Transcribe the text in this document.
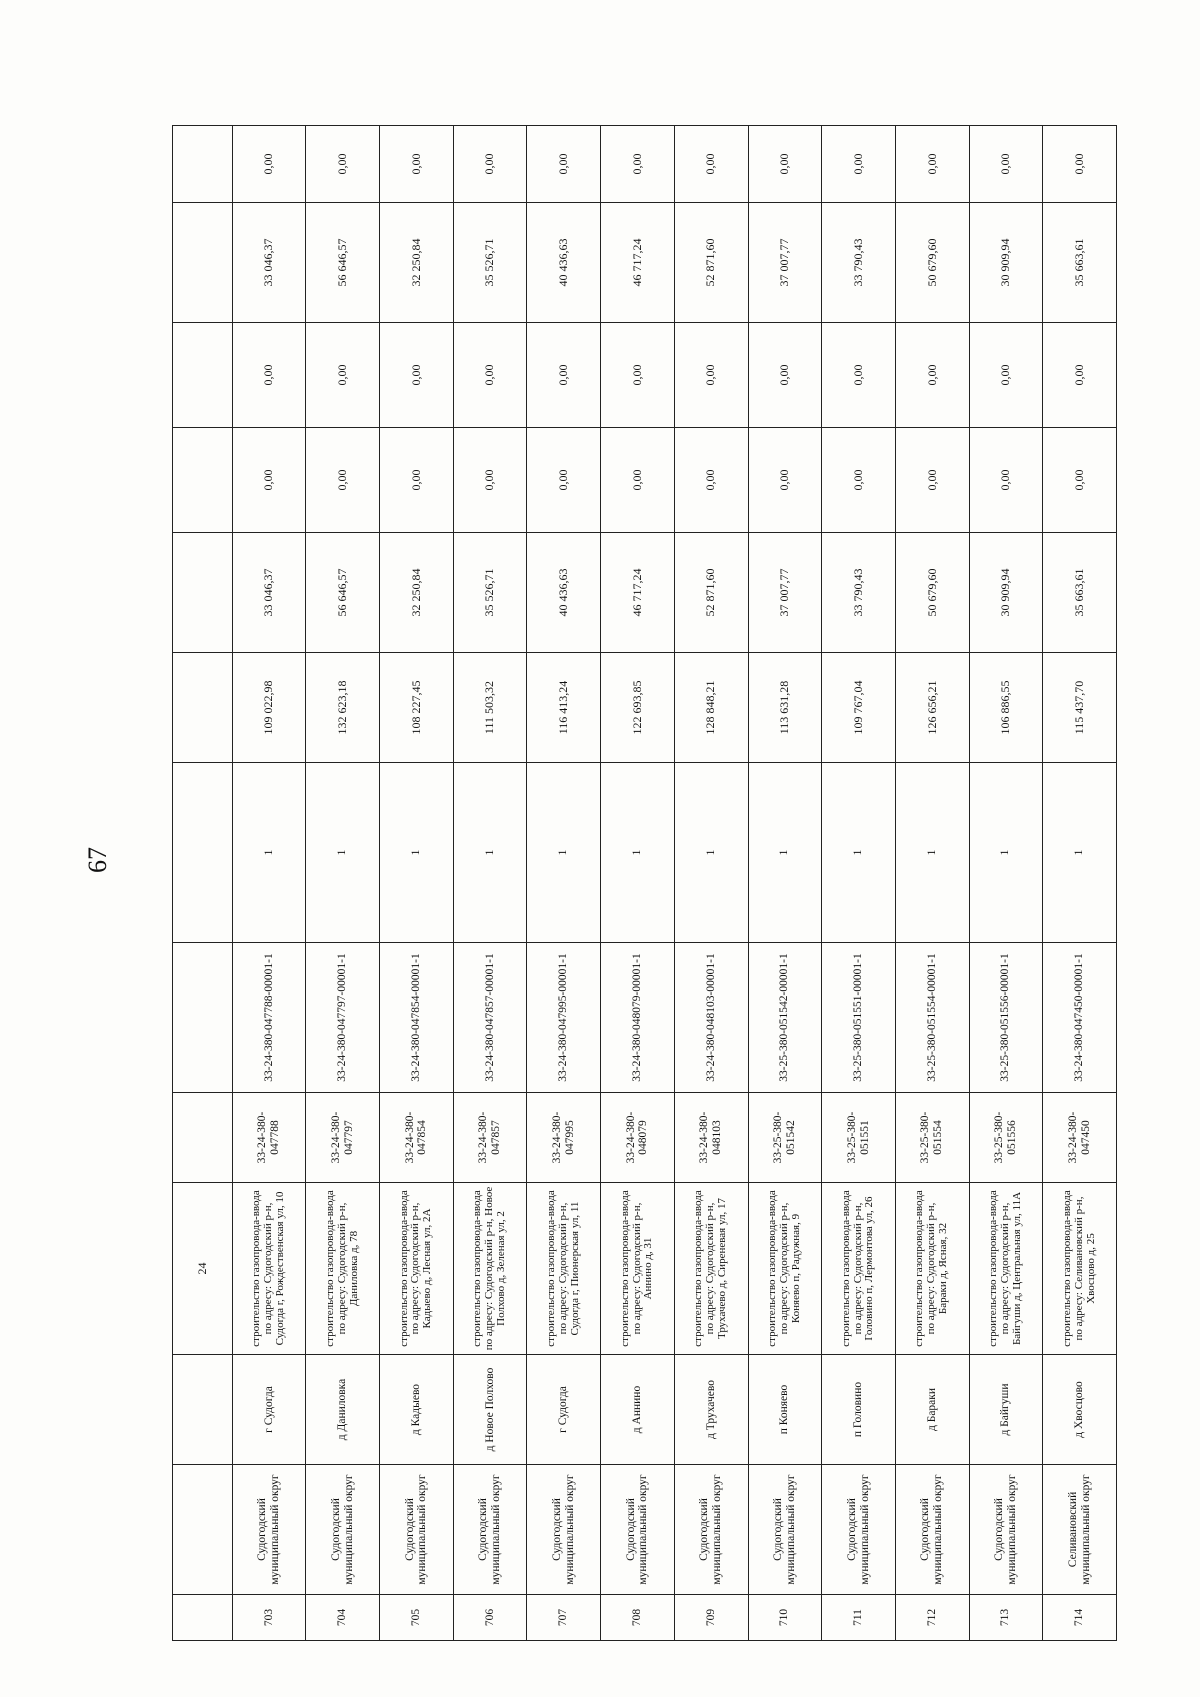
67
			24									
703	Судогодский муниципальный округ	г Судогда	строительство газопровода-ввода по адресу: Судогодский р-н, Судогда г, Рождественская ул, 10	33-24-380-047788	33-24-380-047788-00001-1	1	109 022,98	33 046,37	0,00	0,00	33 046,37	0,00
704	Судогодский муниципальный округ	д Даниловка	строительство газопровода-ввода по адресу: Судогодский р-н, Даниловка д, 78	33-24-380-047797	33-24-380-047797-00001-1	1	132 623,18	56 646,57	0,00	0,00	56 646,57	0,00
705	Судогодский муниципальный округ	д Кадыево	строительство газопровода-ввода по адресу: Судогодский р-н, Кадыево д, Лесная ул, 2А	33-24-380-047854	33-24-380-047854-00001-1	1	108 227,45	32 250,84	0,00	0,00	32 250,84	0,00
706	Судогодский муниципальный округ	д Новое Полхово	строительство газопровода-ввода по адресу: Судогодский р-н, Новое Полхово д, Зеленая ул, 2	33-24-380-047857	33-24-380-047857-00001-1	1	111 503,32	35 526,71	0,00	0,00	35 526,71	0,00
707	Судогодский муниципальный округ	г Судогда	строительство газопровода-ввода по адресу: Судогодский р-н, Судогда г, Пионерская ул, 11	33-24-380-047995	33-24-380-047995-00001-1	1	116 413,24	40 436,63	0,00	0,00	40 436,63	0,00
708	Судогодский муниципальный округ	д Аннино	строительство газопровода-ввода по адресу: Судогодский р-н, Аннино д, 31	33-24-380-048079	33-24-380-048079-00001-1	1	122 693,85	46 717,24	0,00	0,00	46 717,24	0,00
709	Судогодский муниципальный округ	д Трухачево	строительство газопровода-ввода по адресу: Судогодский р-н, Трухачево д, Сиреневая ул, 17	33-24-380-048103	33-24-380-048103-00001-1	1	128 848,21	52 871,60	0,00	0,00	52 871,60	0,00
710	Судогодский муниципальный округ	п Коняево	строительство газопровода-ввода по адресу: Судогодский р-н, Коняево п, Радужная, 9	33-25-380-051542	33-25-380-051542-00001-1	1	113 631,28	37 007,77	0,00	0,00	37 007,77	0,00
711	Судогодский муниципальный округ	п Головино	строительство газопровода-ввода по адресу: Судогодский р-н, Головино п, Лермонтова ул, 26	33-25-380-051551	33-25-380-051551-00001-1	1	109 767,04	33 790,43	0,00	0,00	33 790,43	0,00
712	Судогодский муниципальный округ	д Бараки	строительство газопровода-ввода по адресу: Судогодский р-н, Бараки д, Ясная, 32	33-25-380-051554	33-25-380-051554-00001-1	1	126 656,21	50 679,60	0,00	0,00	50 679,60	0,00
713	Судогодский муниципальный округ	д Байгуши	строительство газопровода-ввода по адресу: Судогодский р-н, Байгуши д, Центральная ул, 11А	33-25-380-051556	33-25-380-051556-00001-1	1	106 886,55	30 909,94	0,00	0,00	30 909,94	0,00
714	Селивановский муниципальный округ	д Хвосцово	строительство газопровода-ввода по адресу: Селивановский р-н, Хвосцово д, 25	33-24-380-047450	33-24-380-047450-00001-1	1	115 437,70	35 663,61	0,00	0,00	35 663,61	0,00
